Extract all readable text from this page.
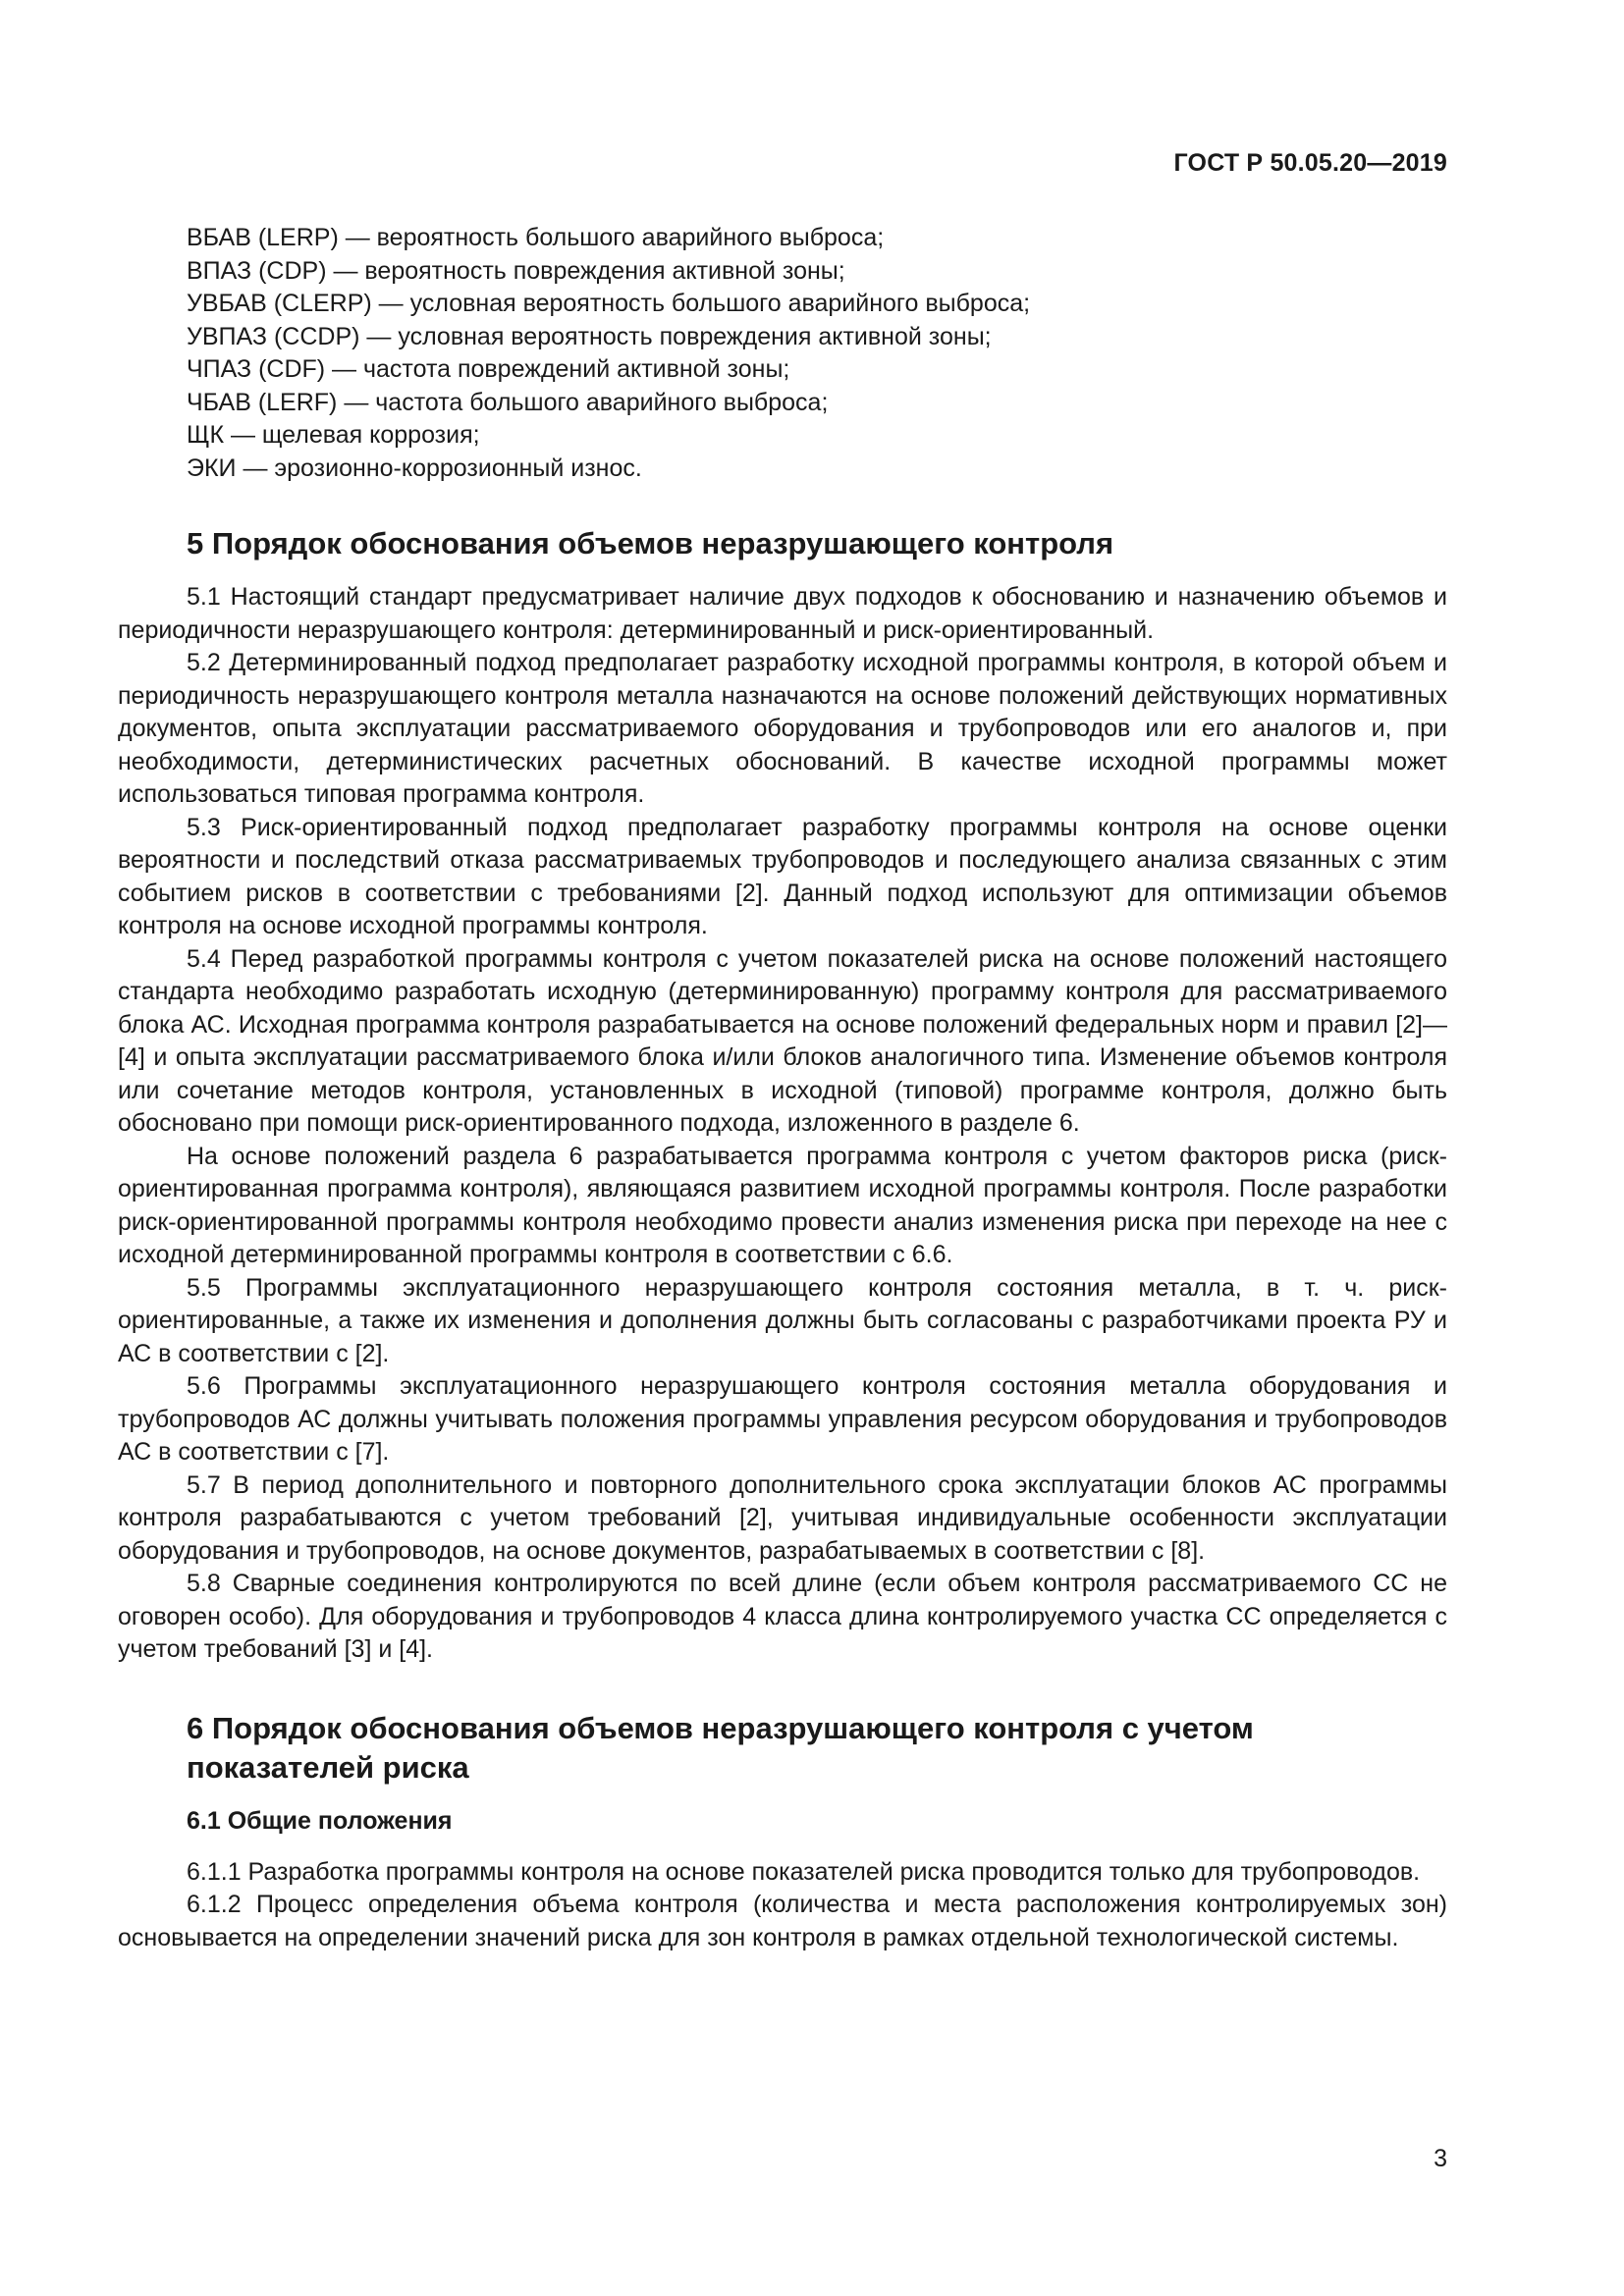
ГОСТ Р 50.05.20—2019
ВБАВ (LERP) — вероятность большого аварийного выброса;
ВПАЗ (CDP) — вероятность повреждения активной зоны;
УВБАВ (CLERP) — условная вероятность большого аварийного выброса;
УВПАЗ (CCDP) — условная вероятность повреждения активной зоны;
ЧПАЗ (CDF) — частота повреждений активной зоны;
ЧБАВ (LERF) — частота большого аварийного выброса;
ЩК — щелевая коррозия;
ЭКИ — эрозионно-коррозионный износ.
5 Порядок обоснования объемов неразрушающего контроля

5.1 Настоящий стандарт предусматривает наличие двух подходов к обоснованию и назначению объемов и периодичности неразрушающего контроля: детерминированный и риск-ориентированный.

5.2 Детерминированный подход предполагает разработку исходной программы контроля, в которой объем и периодичность неразрушающего контроля металла назначаются на основе положений действующих нормативных документов, опыта эксплуатации рассматриваемого оборудования и трубопроводов или его аналогов и, при необходимости, детерминистических расчетных обоснований. В качестве исходной программы может использоваться типовая программа контроля.

5.3 Риск-ориентированный подход предполагает разработку программы контроля на основе оценки вероятности и последствий отказа рассматриваемых трубопроводов и последующего анализа связанных с этим событием рисков в соответствии с требованиями [2]. Данный подход используют для оптимизации объемов контроля на основе исходной программы контроля.

5.4 Перед разработкой программы контроля с учетом показателей риска на основе положений настоящего стандарта необходимо разработать исходную (детерминированную) программу контроля для рассматриваемого блока АС. Исходная программа контроля разрабатывается на основе положений федеральных норм и правил [2]—[4] и опыта эксплуатации рассматриваемого блока и/или блоков аналогичного типа. Изменение объемов контроля или сочетание методов контроля, установленных в исходной (типовой) программе контроля, должно быть обосновано при помощи риск-ориентированного подхода, изложенного в разделе 6.

На основе положений раздела 6 разрабатывается программа контроля с учетом факторов риска (риск-ориентированная программа контроля), являющаяся развитием исходной программы контроля. После разработки риск-ориентированной программы контроля необходимо провести анализ изменения риска при переходе на нее с исходной детерминированной программы контроля в соответствии с 6.6.

5.5 Программы эксплуатационного неразрушающего контроля состояния металла, в т. ч. риск-ориентированные, а также их изменения и дополнения должны быть согласованы с разработчиками проекта РУ и АС в соответствии с [2].

5.6 Программы эксплуатационного неразрушающего контроля состояния металла оборудования и трубопроводов АС должны учитывать положения программы управления ресурсом оборудования и трубопроводов АС в соответствии с [7].

5.7 В период дополнительного и повторного дополнительного срока эксплуатации блоков АС программы контроля разрабатываются с учетом требований [2], учитывая индивидуальные особенности эксплуатации оборудования и трубопроводов, на основе документов, разрабатываемых в соответствии с [8].

5.8 Сварные соединения контролируются по всей длине (если объем контроля рассматриваемого СС не оговорен особо). Для оборудования и трубопроводов 4 класса длина контролируемого участка СС определяется с учетом требований [3] и [4].

6 Порядок обоснования объемов неразрушающего контроля с учетом
показателей риска
6.1 Общие положения

6.1.1 Разработка программы контроля на основе показателей риска проводится только для трубопроводов.

6.1.2 Процесс определения объема контроля (количества и места расположения контролируемых зон) основывается на определении значений риска для зон контроля в рамках отдельной технологической системы.

3
